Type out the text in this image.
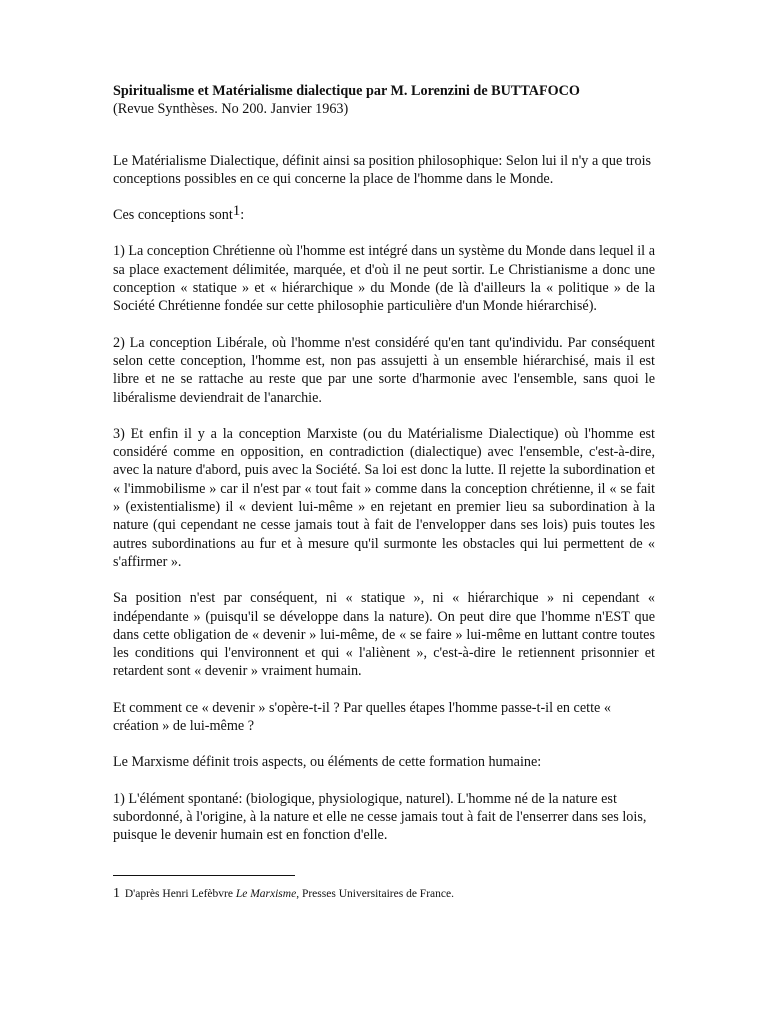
Spiritualisme et Matérialisme dialectique par M. Lorenzini de BUTTAFOCO
(Revue Synthèses. No 200. Janvier 1963)

Le Matérialisme Dialectique, définit ainsi sa position philosophique: Selon lui il n'y a que trois conceptions possibles en ce qui concerne la place de l'homme dans le Monde.

Ces conceptions sont$^1$:

1) La conception Chrétienne où l'homme est intégré dans un système du Monde dans lequel il a sa place exactement délimitée, marquée, et d'où il ne peut sortir. Le Christianisme a donc une conception « statique » et « hiérarchique » du Monde (de là d'ailleurs la « politique » de la Société Chrétienne fondée sur cette philosophie particulière d'un Monde hiérarchisé).

2) La conception Libérale, où l'homme n'est considéré qu'en tant qu'individu. Par conséquent selon cette conception, l'homme est, non pas assujetti à un ensemble hiérarchisé, mais il est libre et ne se rattache au reste que par une sorte d'harmonie avec l'ensemble, sans quoi le libéralisme deviendrait de l'anarchie.

3) Et enfin il y a la conception Marxiste (ou du Matérialisme Dialectique) où l'homme est considéré comme en opposition, en contradiction (dialectique) avec l'ensemble, c'est-à-dire, avec la nature d'abord, puis avec la Société. Sa loi est donc la lutte. Il rejette la subordination et « l'immobilisme » car il n'est par « tout fait » comme dans la conception chrétienne, il « se fait » (existentialisme) il « devient lui-même » en rejetant en premier lieu sa subordination à la nature (qui cependant ne cesse jamais tout à fait de l'envelopper dans ses lois) puis toutes les autres subordinations au fur et à mesure qu'il surmonte les obstacles qui lui permettent de « s'affirmer ».

Sa position n'est par conséquent, ni « statique », ni « hiérarchique » ni cependant « indépendante » (puisqu'il se développe dans la nature). On peut dire que l'homme n'EST que dans cette obligation de « devenir » lui-même, de « se faire » lui-même en luttant contre toutes les conditions qui l'environnent et qui « l'aliènent », c'est-à-dire le retiennent prisonnier et retardent sont « devenir » vraiment humain.

Et comment ce « devenir » s'opère-t-il ? Par quelles étapes l'homme passe-t-il en cette « création » de lui-même ?

Le Marxisme définit trois aspects, ou éléments de cette formation humaine:

1) L'élément spontané: (biologique, physiologique, naturel). L'homme né de la nature est subordonné, à l'origine, à la nature et elle ne cesse jamais tout à fait de l'enserrer dans ses lois, puisque le devenir humain est en fonction d'elle.

1 D'après Henri Lefèbvre Le Marxisme, Presses Universitaires de France.
